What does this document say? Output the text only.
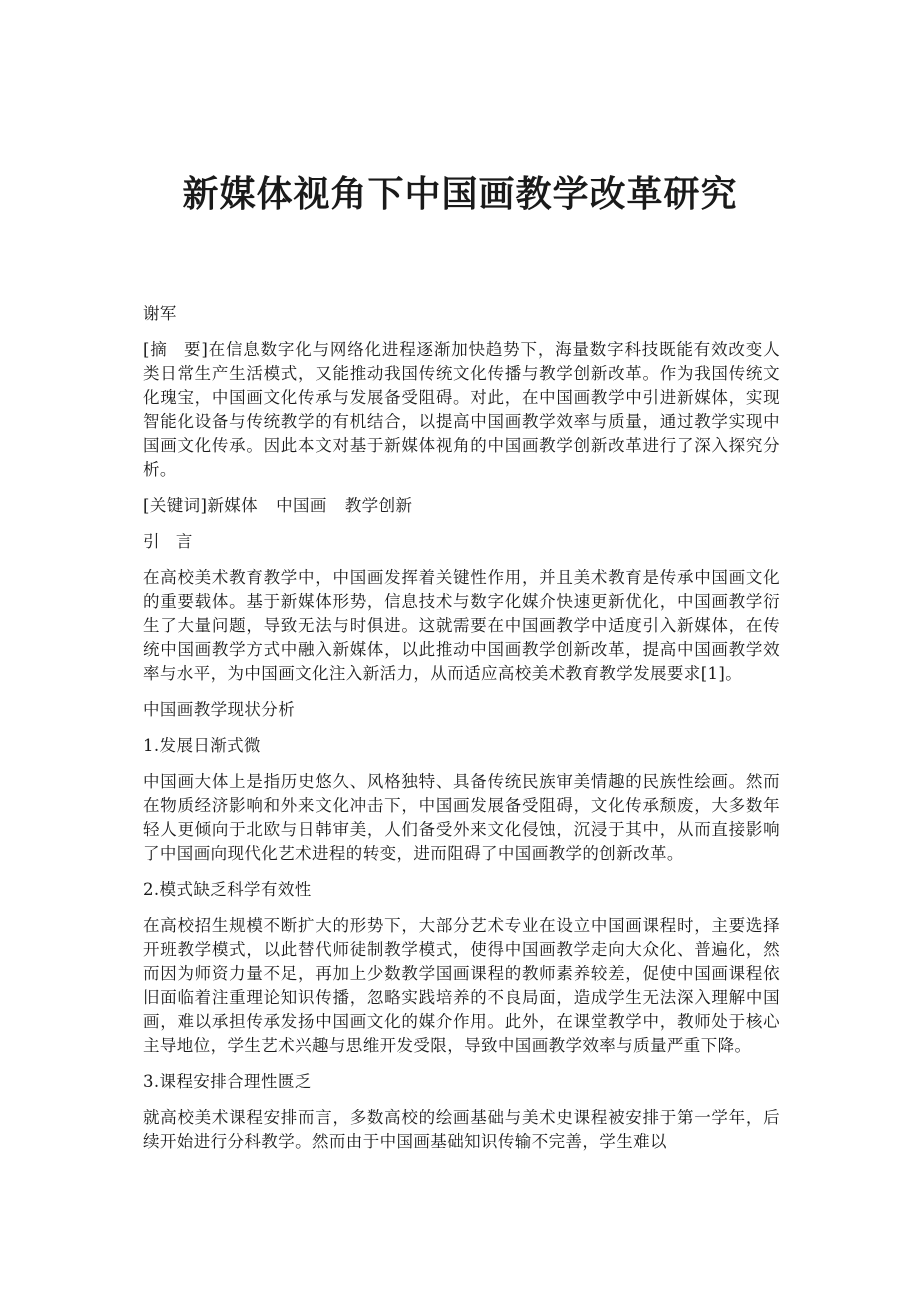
新媒体视角下中国画教学改革研究

谢军

[摘 要]在信息数字化与网络化进程逐渐加快趋势下，海量数字科技既能有效改变人类日常生产生活模式，又能推动我国传统文化传播与教学创新改革。作为我国传统文化瑰宝，中国画文化传承与发展备受阻碍。对此，在中国画教学中引进新媒体，实现智能化设备与传统教学的有机结合，以提高中国画教学效率与质量，通过教学实现中国画文化传承。因此本文对基于新媒体视角的中国画教学创新改革进行了深入探究分析。

[关键词]新媒体 中国画 教学创新

引 言

在高校美术教育教学中，中国画发挥着关键性作用，并且美术教育是传承中国画文化的重要载体。基于新媒体形势，信息技术与数字化媒介快速更新优化，中国画教学衍生了大量问题，导致无法与时俱进。这就需要在中国画教学中适度引入新媒体，在传统中国画教学方式中融入新媒体，以此推动中国画教学创新改革，提高中国画教学效率与水平，为中国画文化注入新活力，从而适应高校美术教育教学发展要求[1]。

中国画教学现状分析

1.发展日渐式微

中国画大体上是指历史悠久、风格独特、具备传统民族审美情趣的民族性绘画。然而在物质经济影响和外来文化冲击下，中国画发展备受阻碍，文化传承颓废，大多数年轻人更倾向于北欧与日韩审美，人们备受外来文化侵蚀，沉浸于其中，从而直接影响了中国画向现代化艺术进程的转变，进而阻碍了中国画教学的创新改革。

2.模式缺乏科学有效性

在高校招生规模不断扩大的形势下，大部分艺术专业在设立中国画课程时，主要选择开班教学模式，以此替代师徒制教学模式，使得中国画教学走向大众化、普遍化，然而因为师资力量不足，再加上少数教学国画课程的教师素养较差，促使中国画课程依旧面临着注重理论知识传播，忽略实践培养的不良局面，造成学生无法深入理解中国画，难以承担传承发扬中国画文化的媒介作用。此外，在课堂教学中，教师处于核心主导地位，学生艺术兴趣与思维开发受限，导致中国画教学效率与质量严重下降。

3.课程安排合理性匮乏

就高校美术课程安排而言，多数高校的绘画基础与美术史课程被安排于第一学年，后续开始进行分科教学。然而由于中国画基础知识传输不完善，学生难以
